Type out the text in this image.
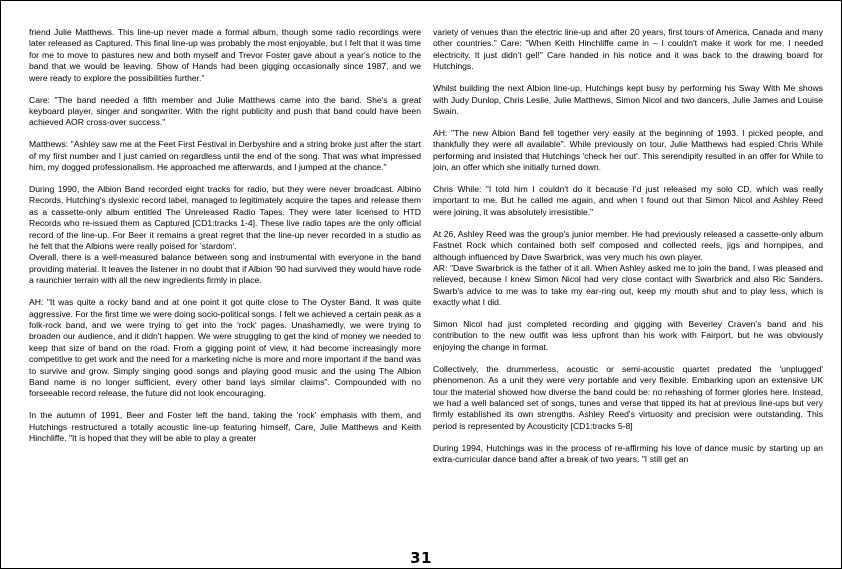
friend Julie Matthews. This line-up never made a formal album, though some radio recordings were later released as Captured. This final line-up was probably the most enjoyable, but I felt that it was time for me to move to pastures new and both myself and Trevor Foster gave about a year's notice to the band that we would be leaving. Show of Hands had been gigging occasionally since 1987, and we were ready to explore the possibilities further."

Care: "The band needed a fifth member and Julie Matthews came into the band. She's a great keyboard player, singer and songwriter. With the right publicity and push that band could have been achieved AOR cross-over success."

Matthews: "Ashley saw me at the Feet First Festival in Derbyshire and a string broke just after the start of my first number and I just carried on regardless until the end of the song. That was what impressed him, my dogged professionalism. He approached me afterwards, and I jumped at the chance."

During 1990, the Albion Band recorded eight tracks for radio, but they were never broadcast. Albino Records, Hutching's dyslexic record label, managed to legitimately acquire the tapes and release them as a cassette-only album entitled The Unreleased Radio Tapes. They were later licensed to HTD Records who re-issued them as Captured [CD1:tracks 1-4]. These live radio tapes are the only official record of the line-up. For Beer it remains a great regret that the line-up never recorded in a studio as he felt that the Albions were really poised for 'stardom'.

Overall, there is a well-measured balance between song and instrumental with everyone in the band providing material. It leaves the listener in no doubt that if Albion '90 had survived they would have rode a raunchier terrain with all the new ingredients firmly in place.

AH: "It was quite a rocky band and at one point it got quite close to The Oyster Band. It was quite aggressive. For the first time we were doing socio-political songs. I felt we achieved a certain peak as a folk-rock band, and we were trying to get into the 'rock' pages. Unashamedly, we were trying to broaden our audience, and it didn't happen. We were struggling to get the kind of money we needed to keep that size of band on the road. From a gigging point of view, it had become increasingly more competitive to get work and the need for a marketing niche is more and more important if the band was to survive and grow. Simply singing good songs and playing good music and the using The Albion Band name is no longer sufficient, every other band lays similar claims". Compounded with no forseeable record release, the future did not look encouraging.

In the autumn of 1991, Beer and Foster left the band, taking the 'rock' emphasis with them, and Hutchings restructured a totally acoustic line-up featuring himself, Care, Julie Matthews and Keith Hinchliffe. "It is hoped that they will be able to play a greater

variety of venues than the electric line-up and after 20 years, first tours of America, Canada and many other countries." Care: "When Keith Hinchliffe came in – I couldn't make it work for me. I needed electricity. It just didn't gel!" Care handed in his notice and it was back to the drawing board for Hutchings.

Whilst building the next Albion line-up, Hutchings kept busy by performing his Sway With Me shows with Judy Dunlop, Chris Leslie, Julie Matthews, Simon Nicol and two dancers, Julie James and Louise Swain.

AH: "The new Albion Band fell together very easily at the beginning of 1993. I picked people, and thankfully they were all available". While previously on tour, Julie Matthews had espied Chris While performing and insisted that Hutchings 'check her out'. This serendipity resulted in an offer for While to join, an offer which she initially turned down.

Chris While: "I told him I couldn't do it because I'd just released my solo CD, which was really important to me. But he called me again, and when I found out that Simon Nicol and Ashley Reed were joining, it was absolutely irresistible."

At 26, Ashley Reed was the group's junior member. He had previously released a cassette-only album Fastnet Rock which contained both self composed and collected reels, jigs and hornpipes, and although influenced by Dave Swarbrick, was very much his own player.

AR: "Dave Swarbrick is the father of it all. When Ashley asked me to join the band, I was pleased and relieved, because I knew Simon Nicol had very close contact with Swarbrick and also Ric Sanders. Swarb's advice to me was to take my ear-ring out, keep my mouth shut and to play less, which is exactly what I did.

Simon Nicol had just completed recording and gigging with Beverley Craven's band and his contribution to the new outfit was less upfront than his work with Fairport, but he was obviously enjoying the change in format.

Collectively, the drummerless, acoustic or semi-acoustic quartet predated the 'unplugged' phenomenon. As a unit they were very portable and very flexible. Embarking upon an extensive UK tour the material showed how diverse the band could be: no rehashing of former glories here. Instead, we had a well balanced set of songs, tunes and verse that tipped its hat at previous line-ups but very firmly established its own strengths. Ashley Reed's virtuosity and precision were outstanding. This period is represented by Acousticity [CD1:tracks 5-8]

During 1994, Hutchings was in the process of re-affirming his love of dance music by starting up an extra-curricular dance band after a break of two years. "I still get an

31
